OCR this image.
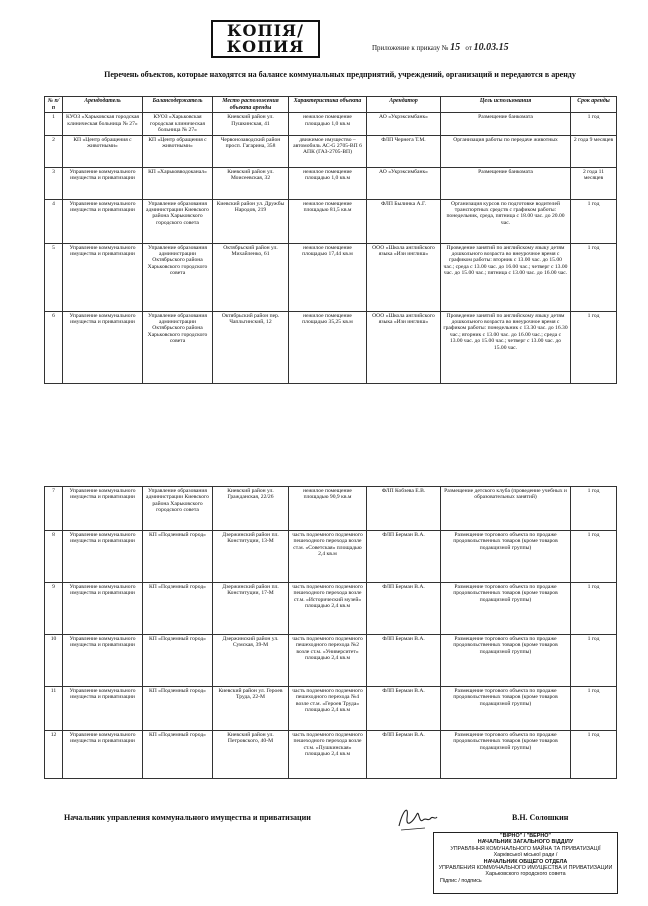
КОПІЯ/
КОПИЯ	Приложение к приказу № 15 от 10.03.15
Перечень объектов, которые находятся на балансе коммунальных предприятий, учреждений, организаций и передаются в аренду
№ п/ п	Арендодатель	Балансодержатель	Место расположения объекта аренды	Характеристика объекта	Арендатор	Цель использования	Срок аренды
1	КУОЗ «Харьковская городская клиническая больница № 27»	КУОЗ «Харьковская городская клиническая больница № 27»	Киевский район ул. Пушкинская, 41	нежилое помещение площадью 1,0 кв.м	АО «Укрэксимбанк»	Размещение банкомата	1 год
2	КП «Центр обращения с животными»	КП «Центр обращения с животными»	Червонозаводский район просп. Гагарина, 358	движимое имущество – автомобиль АС-G 2705-ВП 6 АПК (ГАЗ-2705-ВП)	ФЛП Чернега Т.М.	Организация работы по передаче животных	2 года 9 месяцев
3	Управление коммунального имущества и приватизации	КП «Харьковводоканал»	Киевский район ул. Моисеевская, 32	нежилое помещение площадью 1,0 кв.м	АО «Укрэксимбанк»	Размещение банкомата	2 года 11 месяцев
4	Управление коммунального имущества и приватизации	Управление образования администрации Киевского района Харьковского городского совета	Киевский район ул. Дружбы Народов, 219	нежилое помещение площадью 81,5 кв.м	ФЛП Былинка А.Г.	Организация курсов по подготовке водителей транспортных средств с графиком работы: понедельник, среда, пятница с 18.00 час. до 20.00 час.	1 год
5	Управление коммунального имущества и приватизации	Управление образования администрации Октябрьского района Харьковского городского совета	Октябрьский район ул. Михайленко, 61	нежилое помещение площадью 17,44 кв.м	ООО «Школа английского языка «Изи инглиш»	Проведение занятий по английскому языку детям дошкольного возраста во внеурочное время с графиком работы: вторник с 13.00 час. до 15.00 час.; среда с 13.00 час. до 16.00 час.; четверг с 13.00 час. до 15.00 час.; пятница с 13.00 час. до 16.00 час.	1 год
6	Управление коммунального имущества и приватизации	Управление образования администрации Октябрьского района Харьковского городского совета	Октябрьский район пер. Чапльгинский, 12	нежилое помещение площадью 35,25 кв.м	ООО «Школа английского языка «Изи инглиш»	Проведение занятий по английскому языку детям дошкольного возраста во внеурочное время с графиком работы: понедельник с 13.30 час. до 16.30 час.; вторник с 13.00 час. до 16.00 час.; среда с 13.00 час. до 15.00 час.; четверг с 13.00 час. до 15.00 час.	1 год
7	Управление коммунального имущества и приватизации	Управление образования администрации Киевского района Харьковского городского совета	Киевский район ул. Гражданская, 22/26	нежилое помещение площадью 90,9 кв.м	ФЛП Кобзева Е.В.	Размещение детского клуба (проведение учебных и образовательных занятий)	1 год
8	Управление коммунального имущества и приватизации	КП «Подземный город»	Дзержинский район пл. Конституции, 13-М	часть подземного подземного пешеходного перехода возле ст.м. «Советская» площадью 2,4 кв.м	ФЛП Берман В.А.	Размещение торгового объекта по продаже продовольственных товаров (кроме товаров подакцизной группы)	1 год
9	Управление коммунального имущества и приватизации	КП «Подземный город»	Дзержинский район пл. Конституции, 17-М	часть подземного подземного пешеходного перехода возле ст.м. «Исторический музей» площадью 2,4 кв.м	ФЛП Берман В.А.	Размещение торгового объекта по продаже продовольственных товаров (кроме товаров подакцизной группы)	1 год
10	Управление коммунального имущества и приватизации	КП «Подземный город»	Дзержинский район ул. Сумская, 39-М	часть подземного подземного пешеходного перехода №2 возле ст.м. «Университет» площадью 2,4 кв.м	ФЛП Берман В.А.	Размещение торгового объекта по продаже продовольственных товаров (кроме товаров подакцизной группы)	1 год
11	Управление коммунального имущества и приватизации	КП «Подземный город»	Киевский район ул. Героев Труда, 22-М	часть подземного подземного пешеходного перехода №4 возле ст.м. «Героев Труда» площадью 2,4 кв.м	ФЛП Берман В.А.	Размещение торгового объекта по продаже продовольственных товаров (кроме товаров подакцизной группы)	1 год
12	Управление коммунального имущества и приватизации	КП «Подземный город»	Киевский район ул. Петровского, 40-М	часть подземного подземного пешеходного перехода возле ст.м. «Пушкинская» площадью 2,4 кв.м	ФЛП Берман В.А.	Размещение торгового объекта по продаже продовольственных товаров (кроме товаров подакцизной группы)	1 год
Начальник управления коммунального имущества и приватизации	В.Н. Солошкин
"ВІРНО" / "ВЕРНО"
НАЧАЛЬНИК ЗАГАЛЬНОГО ВІДДІЛУ
УПРАВЛІННЯ КОМУНАЛЬНОГО МАЙНА ТА ПРИВАТИЗАЦІЇ
Харківської міської ради /
НАЧАЛЬНИК ОБЩЕГО ОТДЕЛА
УПРАВЛЕНИЯ КОММУНАЛЬНОГО ИМУЩЕСТВА И ПРИВАТИЗАЦИИ
Харьковского городского совета
Підпис / подпись
